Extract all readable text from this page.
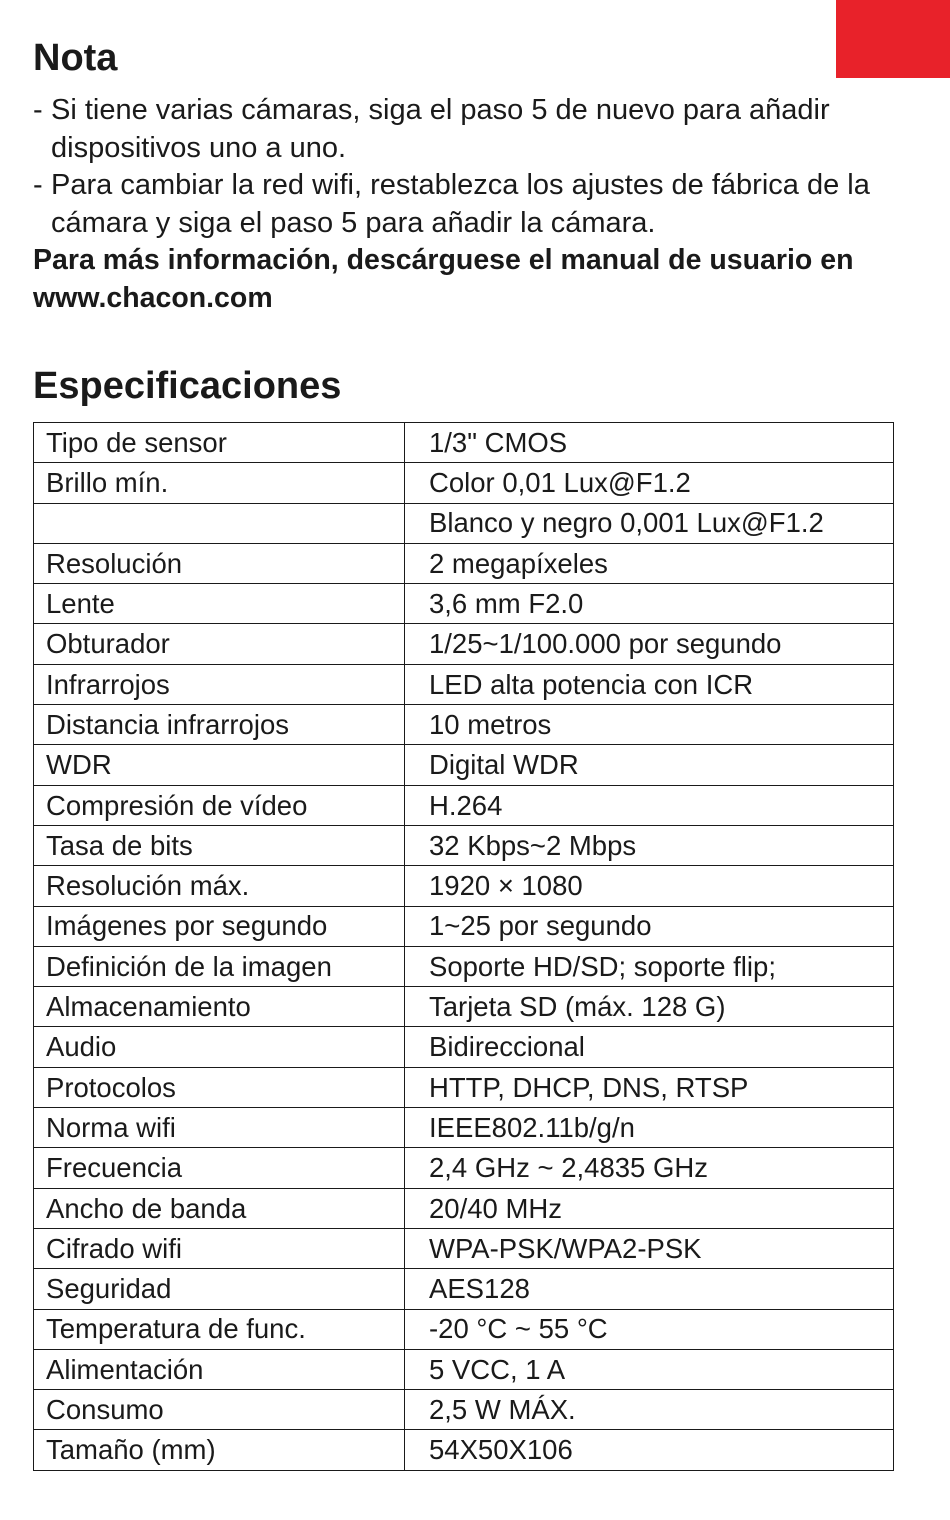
Nota
- Si tiene varias cámaras, siga el paso 5 de nuevo para añadir dispositivos uno a uno.
- Para cambiar la red wifi, restablezca los ajustes de fábrica de la cámara y siga el paso 5 para añadir la cámara.

Para más información, descárguese el manual de usuario en www.chacon.com

Especificaciones
Tipo de sensor	1/3" CMOS
Brillo mín.	Color 0,01 Lux@F1.2
	Blanco y negro 0,001 Lux@F1.2
Resolución	2 megapíxeles
Lente	3,6 mm F2.0
Obturador	1/25~1/100.000 por segundo
Infrarrojos	LED alta potencia con ICR
Distancia infrarrojos	10 metros
WDR	Digital WDR
Compresión de vídeo	H.264
Tasa de bits	32 Kbps~2 Mbps
Resolución máx.	1920 × 1080
Imágenes por segundo	1~25 por segundo
Definición de la imagen	Soporte HD/SD; soporte flip;
Almacenamiento	Tarjeta SD (máx. 128 G)
Audio	Bidireccional
Protocolos	HTTP, DHCP, DNS, RTSP
Norma wifi	IEEE802.11b/g/n
Frecuencia	2,4 GHz ~ 2,4835 GHz
Ancho de banda	20/40 MHz
Cifrado wifi	WPA-PSK/WPA2-PSK
Seguridad	AES128
Temperatura de func.	-20 °C ~ 55 °C
Alimentación	5 VCC, 1 A
Consumo	2,5 W MÁX.
Tamaño (mm)	54X50X106
